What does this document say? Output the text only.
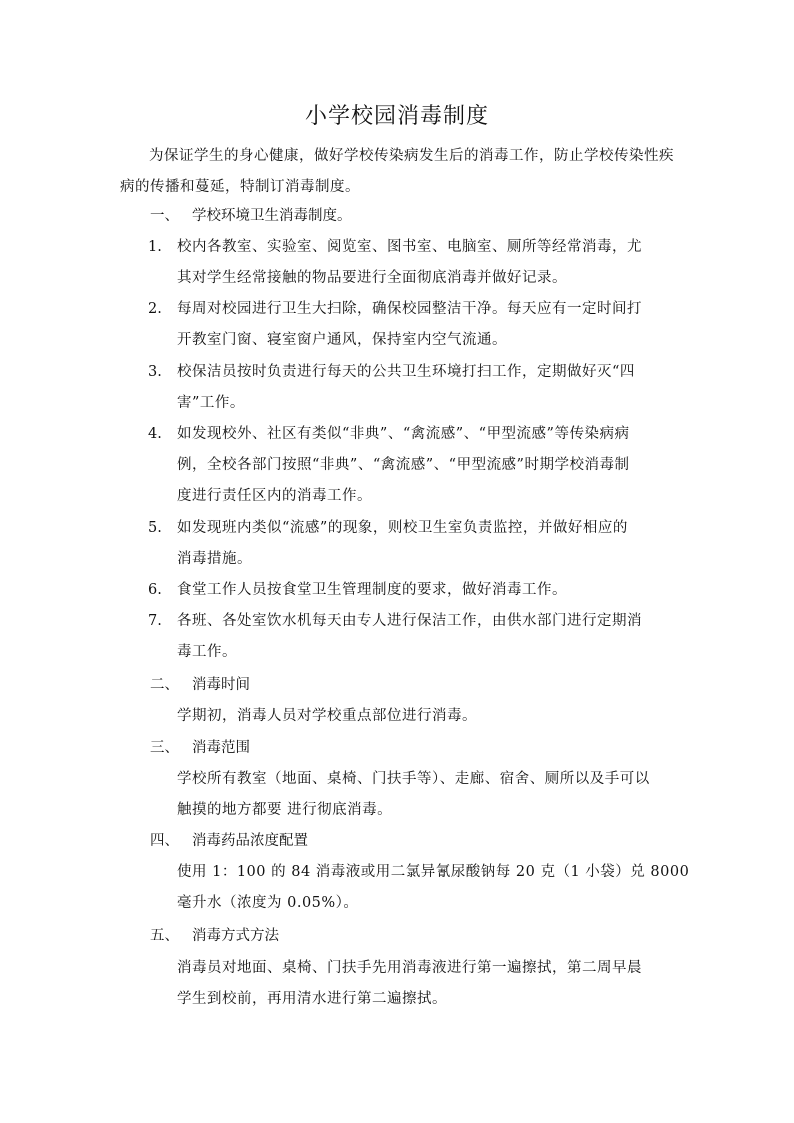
小学校园消毒制度
为保证学生的身心健康，做好学校传染病发生后的消毒工作，防止学校传染性疾病的传播和蔓延，特制订消毒制度。
一、 学校环境卫生消毒制度。
1. 校内各教室、实验室、阅览室、图书室、电脑室、厕所等经常消毒，尤
其对学生经常接触的物品要进行全面彻底消毒并做好记录。
2. 每周对校园进行卫生大扫除，确保校园整洁干净。每天应有一定时间打
开教室门窗、寝室窗户通风，保持室内空气流通。
3. 校保洁员按时负责进行每天的公共卫生环境打扫工作，定期做好灭“四
害”工作。
4. 如发现校外、社区有类似“非典”、“禽流感”、“甲型流感”等传染病病
例，全校各部门按照“非典”、“禽流感”、“甲型流感”时期学校消毒制
度进行责任区内的消毒工作。
5. 如发现班内类似“流感”的现象，则校卫生室负责监控，并做好相应的
消毒措施。
6. 食堂工作人员按食堂卫生管理制度的要求，做好消毒工作。
7. 各班、各处室饮水机每天由专人进行保洁工作，由供水部门进行定期消
毒工作。
二、 消毒时间
学期初，消毒人员对学校重点部位进行消毒。
三、 消毒范围
学校所有教室（地面、桌椅、门扶手等）、走廊、宿舍、厕所以及手可以
触摸的地方都要 进行彻底消毒。
四、 消毒药品浓度配置
使用 1：100 的 84 消毒液或用二氯异氰尿酸钠每 20 克（1 小袋）兑 8000
毫升水（浓度为 0.05%）。
五、 消毒方式方法
消毒员对地面、桌椅、门扶手先用消毒液进行第一遍擦拭，第二周早晨
学生到校前，再用清水进行第二遍擦拭。
